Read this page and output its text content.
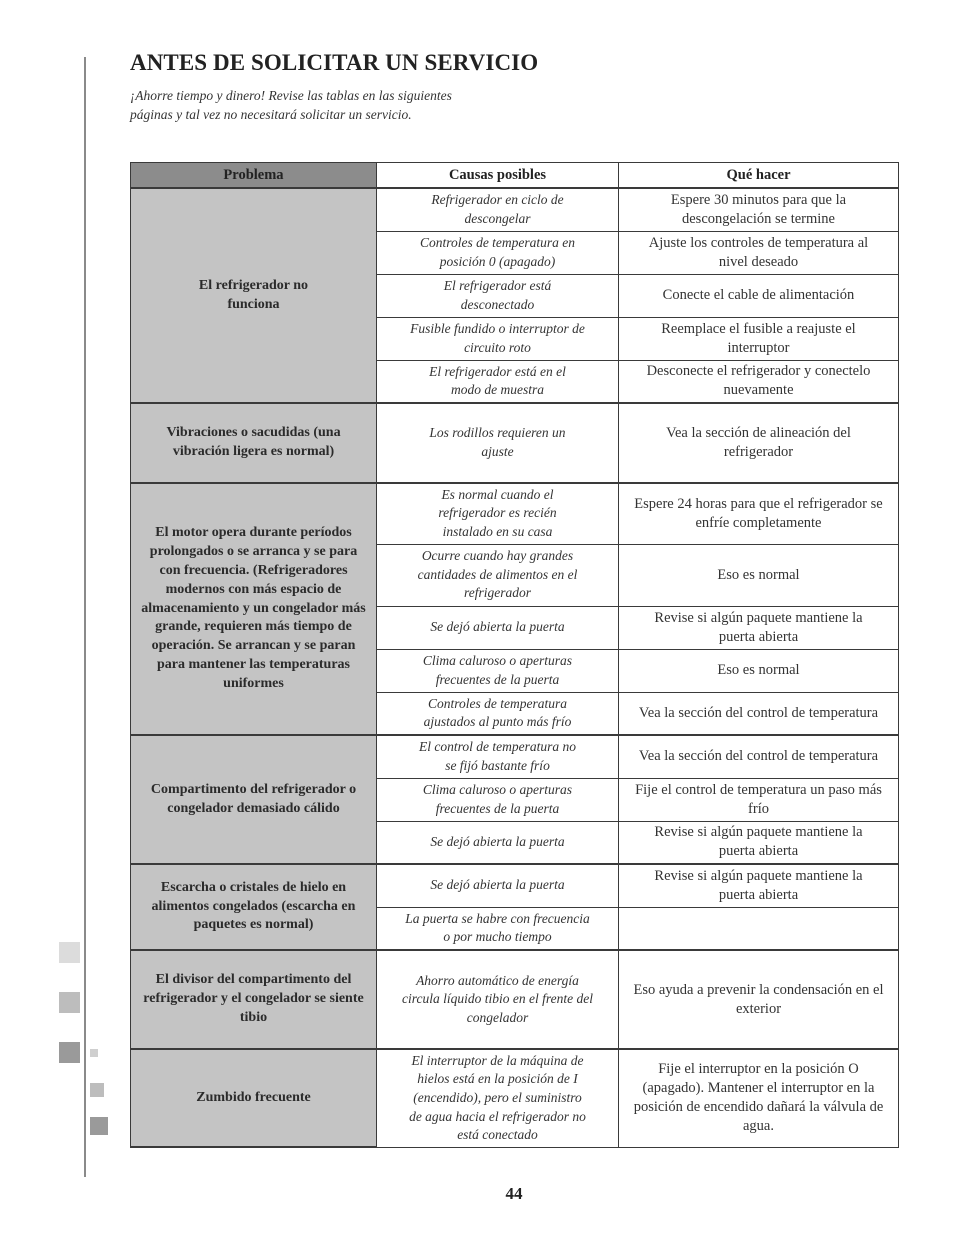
ANTES DE SOLICITAR UN SERVICIO
¡Ahorre tiempo y dinero! Revise las tablas en las siguientes páginas y tal vez no necesitará solicitar un servicio.
Problema	Causas posibles	Qué hacer
El refrigerador no funciona	Refrigerador en ciclo de descongelar	Espere 30 minutos para que la descongelación se termine
	Controles de temperatura en posición 0 (apagado)	Ajuste los controles de temperatura al nivel deseado
	El refrigerador está desconectado	Conecte el cable de alimentación
	Fusible fundido o interruptor de circuito roto	Reemplace el fusible a reajuste el interruptor
	El refrigerador está en el modo de muestra	Desconecte el refrigerador y conectelo nuevamente
Vibraciones o sacudidas (una vibración ligera es normal)	Los rodillos requieren un ajuste	Vea la sección de alineación del refrigerador
El motor opera durante períodos prolongados o se arranca y se para con frecuencia. (Refrigeradores modernos con más espacio de almacenamiento y un congelador más grande, requieren más tiempo de operación. Se arrancan y se paran para mantener las temperaturas uniformes	Es normal cuando el refrigerador es recién instalado en su casa	Espere 24 horas para que el refrigerador se enfríe completamente
	Ocurre cuando hay grandes cantidades de alimentos en el refrigerador	Eso es normal
	Se dejó abierta la puerta	Revise si algún paquete mantiene la puerta abierta
	Clima caluroso o aperturas frecuentes de la puerta	Eso es normal
	Controles de temperatura ajustados al punto más frío	Vea la sección del control de temperatura
Compartimento del refrigerador o congelador demasiado cálido	El control de temperatura no se fijó bastante frío	Vea la sección del control de temperatura
	Clima caluroso o aperturas frecuentes de la puerta	Fije el control de temperatura un paso más frío
	Se dejó abierta la puerta	Revise si algún paquete mantiene la puerta abierta
Escarcha o cristales de hielo en alimentos congelados (escarcha en paquetes es normal)	Se dejó abierta la puerta	Revise si algún paquete mantiene la puerta abierta
	La puerta se habre con frecuencia o por mucho tiempo	
El divisor del compartimento del refrigerador y el congelador se siente tibio	Ahorro automático de energía circula líquido tibio en el frente del congelador	Eso ayuda a prevenir la condensación en el exterior
Zumbido frecuente	El interruptor de la máquina de hielos está en la posición de I (encendido), pero el suministro de agua hacia el refrigerador no está conectado	Fije el interruptor en la posición O (apagado). Mantener el interruptor en la posición de encendido dañará la válvula de agua.
44
